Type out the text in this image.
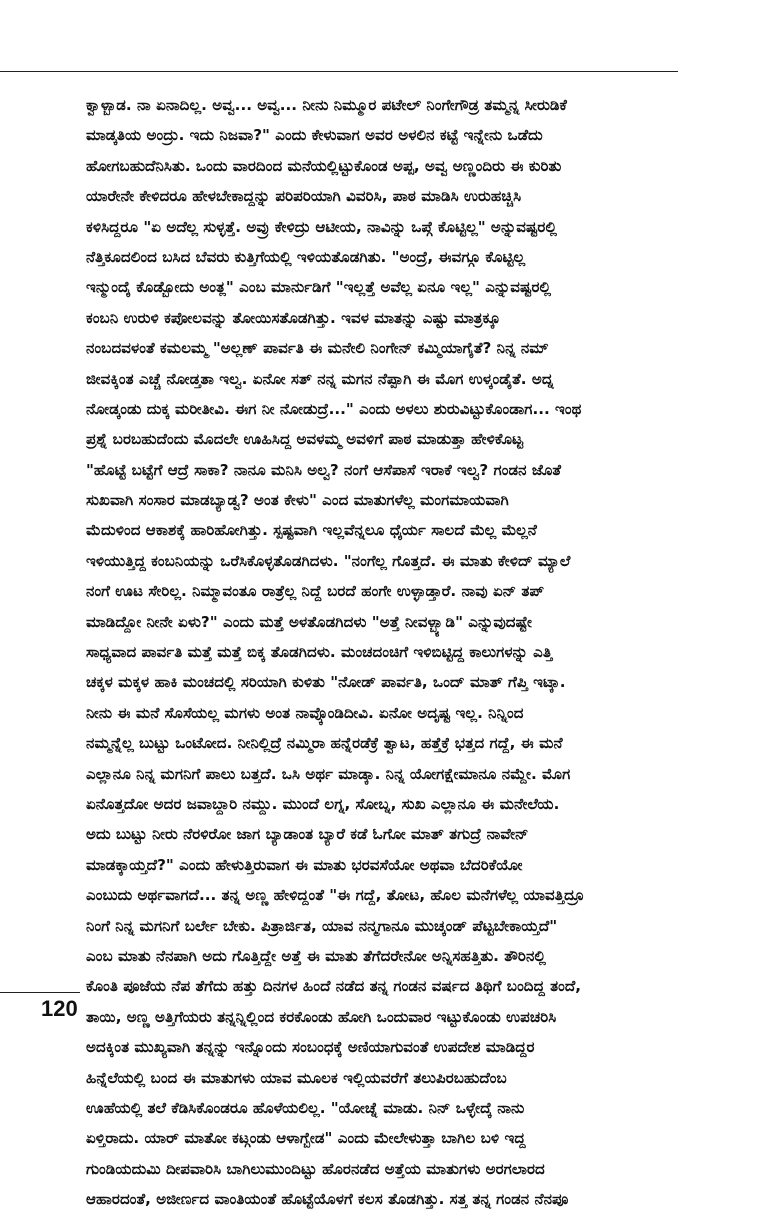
ಕ್ವಾಳ್ಬಾಡ. ನಾ ಏನಾದಿಲ್ಲ. ಅವ್ವ... ಅವ್ವ... ನೀನು ನಿಮ್ಮೂರ ಪಟೇಲ್ ನಿಂಗೇಗೌಡ್ರ ತಮ್ಮನ್ನ ಸೀರುಡಿಕೆ
ಮಾಡ್ಕತಿಯ ಅಂದ್ರು. ಇದು ನಿಜವಾ?" ಎಂದು ಕೇಳುವಾಗ ಅವರ ಅಳಲಿನ ಕಟ್ಟೆ ಇನ್ನೇನು ಒಡೆದು
ಹೋಗಬಹುದೆನಿಸಿತು. ಒಂದು ವಾರದಿಂದ ಮನೆಯಲ್ಲಿಟ್ಟುಕೊಂಡ ಅಪ್ಪ, ಅವ್ವ ಅಣ್ಣಂದಿರು ಈ ಕುರಿತು
ಯಾರೇನೇ ಕೇಳಿದರೂ ಹೇಳಬೇಕಾದ್ದನ್ನು ಪರಿಪರಿಯಾಗಿ ವಿವರಿಸಿ, ಪಾಠ ಮಾಡಿಸಿ ಉರುಹಚ್ಚಿಸಿ
ಕಳಿಸಿದ್ದರೂ "ಏ ಅದೆಲ್ಲ ಸುಳ್ಳತ್ತೆ. ಅವ್ರು ಕೇಳಿದ್ರು ಆಟೀಯ, ನಾವಿನ್ನು ಒಪ್ಗೆ ಕೊಟ್ಟಿಲ್ಲ" ಅನ್ನುವಷ್ಟರಲ್ಲಿ
ನೆತ್ತಿಕೂದಲಿಂದ ಬಸಿದ ಬೆವರು ಕುತ್ತಿಗೆಯಲ್ಲಿ ಇಳಿಯತೊಡಗಿತು. "ಅಂದ್ರೆ, ಈವಗ್ಗೂ ಕೊಟ್ಟಿಲ್ಲ
ಇನ್ಮುಂದೈ ಕೊಡ್ಬೋದು ಅಂತ್ಲ" ಎಂಬ ಮಾರ್ನುಡಿಗೆ "ಇಲ್ಲತ್ತೆ ಅವೆಲ್ಲ ಏನೂ ಇಲ್ಲ" ಎನ್ನುವಷ್ಟರಲ್ಲಿ
ಕಂಬನಿ ಉರುಳಿ ಕಪೋಲವನ್ನು ತೋಯಿಸತೊಡಗಿತ್ತು. ಇವಳ ಮಾತನ್ನು ಎಷ್ಟು ಮಾತ್ರಕ್ಕೂ
ನಂಬದವಳಂತೆ ಕಮಲಮ್ಮ "ಅಲ್ಲಣ್ ಪಾರ್ವತಿ ಈ ಮನೇಲಿ ನಿಂಗೇನ್ ಕಮ್ಮಿಯಾಗೈತೆ? ನಿನ್ನ ನಮ್
ಜೀವಕ್ಕಿಂತ ಎಚ್ಚೆ ನೋಡ್ತತಾ ಇಲ್ವ. ಏನೋ ಸತ್ ನನ್ನ ಮಗನ ನೆಪ್ಪಾಗಿ ಈ ಮೊಗ ಉಳ್ಕಂಡೈತೆ. ಅದ್ನ
ನೋಡ್ಕಂಡು ದುಕ್ಕ ಮರೀತೀವಿ. ಈಗ ನೀ ನೋಡುದ್ರೆ..." ಎಂದು ಅಳಲು ಶುರುವಿಟ್ಟುಕೊಂಡಾಗ... ಇಂಥ
ಪ್ರಶ್ನೆ ಬರಬಹುದೆಂದು ಮೊದಲೇ ಊಹಿಸಿದ್ದ ಅವಳಮ್ಮ ಅವಳಿಗೆ ಪಾಠ ಮಾಡುತ್ತಾ ಹೇಳಿಕೊಟ್ಟ
"ಹೊಟ್ಟೆ ಬಟ್ಟೆಗೆ ಆದ್ರೆ ಸಾಕಾ? ನಾನೂ ಮನಿಸಿ ಅಲ್ವ? ನಂಗೆ ಆಸೆಪಾಸೆ ಇರಾಕೆ ಇಲ್ವ? ಗಂಡನ ಜೊತೆ
ಸುಖವಾಗಿ ಸಂಸಾರ ಮಾಡಬ್ಯಾಡ್ವ? ಅಂತ ಕೇಳು" ಎಂದ ಮಾತುಗಳೆಲ್ಲ ಮಂಗಮಾಯವಾಗಿ
ಮೆದುಳಿಂದ ಆಕಾಶಕ್ಕೆ ಹಾರಿಹೋಗಿತ್ತು. ಸ್ಪಷ್ಟವಾಗಿ ಇಲ್ಲವೆನ್ನಲೂ ಧೈರ್ಯ ಸಾಲದೆ ಮೆಲ್ಲ ಮೆಲ್ಲನೆ
ಇಳಿಯುತ್ತಿದ್ದ ಕಂಬನಿಯನ್ನು ಒರೆಸಿಕೊಳ್ಳತೊಡಗಿದಳು. "ನಂಗೆಲ್ಲ ಗೊತ್ತದೆ. ಈ ಮಾತು ಕೇಳಿದ್ ಮ್ಯಾಲೆ
ನಂಗೆ ಊಟ ಸೇರಿಲ್ಲ. ನಿಮ್ಮಾವಂತೂ ರಾತ್ರೆಲ್ಲ ನಿದ್ದೆ ಬರದೆ ಹಂಗೇ ಉಳ್ಳಾಡ್ತಾರೆ. ನಾವು ಏನ್ ತಪ್
ಮಾಡಿದ್ದೋ ನೀನೇ ಏಳು?" ಎಂದು ಮತ್ತೆ ಅಳತೊಡಗಿದಳು "ಅತ್ತೆ ನೀವಳ್ಬ್ಯಾಡಿ" ಎನ್ನುವುದಷ್ಟೇ
ಸಾಧ್ಯವಾದ ಪಾರ್ವತಿ ಮತ್ತೆ ಮತ್ತೆ ಬಿಕ್ಕ ತೊಡಗಿದಳು. ಮಂಚದಂಚಿಗೆ ಇಳಿಬಿಟ್ಟಿದ್ದ ಕಾಲುಗಳನ್ನು ಎತ್ತಿ
ಚಕ್ಕಳ ಮಕ್ಕಳ ಹಾಕಿ ಮಂಚದಲ್ಲಿ ಸರಿಯಾಗಿ ಕುಳಿತು "ನೋಡ್ ಪಾರ್ವತಿ, ಒಂದ್ ಮಾತ್ ಗೆಪ್ತಿ ಇಟ್ಕಾ.
ನೀನು ಈ ಮನೆ ಸೊಸೆಯಲ್ಲ ಮಗಳು ಅಂತ ನಾವ್ಕೊಂಡಿದೀವಿ. ಏನೋ ಅದೃಷ್ಟ ಇಲ್ಲ. ನಿನ್ನಿಂದ
ನಮ್ಮನ್ನೆಲ್ಲ ಬುಟ್ಟು ಒಂಟೋದ. ನೀನಿಲ್ಲಿದ್ರೆ ನಮ್ಮಿರಾ ಹನ್ನೆರಡೆಕ್ರೆ ತ್ವಾಟ, ಹತ್ತೆಕ್ರೆ ಭತ್ತದ ಗದ್ದೆ, ಈ ಮನೆ
ಎಲ್ಲಾನೂ ನಿನ್ನ ಮಗನಿಗೆ ಪಾಲು ಬತ್ತದೆ. ಒಸಿ ಅರ್ಥ ಮಾಡ್ಕಾ. ನಿನ್ನ ಯೋಗಕ್ಷೇಮಾನೂ ನಮ್ದೇ. ಮೊಗ
ಏನೊತ್ತದೋ ಅದರ ಜವಾಬ್ದಾರಿ ನಮ್ದು. ಮುಂದೆ ಲಗ್ನ, ಸೋಬ್ನ, ಸುಖ ಎಲ್ಲಾನೂ ಈ ಮನೇಲೆಯ.
ಅದು ಬುಟ್ಟು ನೀರು ನೆರಳಿರೋ ಜಾಗ ಬ್ಯಾಡಾಂತ ಬ್ಯಾರೆ ಕಡೆ ಓಗೋ ಮಾತ್ ತಗುದ್ರೆ ನಾವೇನ್
ಮಾಡಕ್ಕಾಯ್ತದೆ?" ಎಂದು ಹೇಳುತ್ತಿರುವಾಗ ಈ ಮಾತು ಭರವಸೆಯೋ ಅಥವಾ ಬೆದರಿಕೆಯೋ
ಎಂಬುದು ಅರ್ಥವಾಗದೆ... ತನ್ನ ಅಣ್ಣ ಹೇಳಿದ್ದಂತೆ "ಈ ಗದ್ದೆ, ತೋಟ, ಹೊಲ ಮನೆಗಳೆಲ್ಲ ಯಾವತ್ತಿದ್ರೂ
ನಿಂಗೆ ನಿನ್ನ ಮಗನಿಗೆ ಬರ್ಲೇ ಬೇಕು. ಪಿತ್ರಾರ್ಜಿತ, ಯಾವ ನನ್ಮಗಾನೂ ಮುಚ್ಕಂಡ್ ಪೆಟ್ಟಬೇಕಾಯ್ತದೆ"
ಎಂಬ ಮಾತು ನೆನಪಾಗಿ ಅದು ಗೊತ್ತಿದ್ದೇ ಅತ್ತೆ ಈ ಮಾತು ತೆಗೆದರೇನೋ ಅನ್ನಿಸಹತ್ತಿತು. ತೌರಿನಲ್ಲಿ
ಕೊಂತಿ ಪೂಜೆಯ ನೆಪ ತೆಗೆದು ಹತ್ತು ದಿನಗಳ ಹಿಂದೆ ನಡೆದ ತನ್ನ ಗಂಡನ ವರ್ಷದ ತಿಥಿಗೆ ಬಂದಿದ್ದ ತಂದೆ,
ತಾಯಿ, ಅಣ್ಣ ಅತ್ತಿಗೆಯರು ತನ್ನನ್ನಿಲ್ಲಿಂದ ಕರಕೊಂಡು ಹೋಗಿ ಒಂದುವಾರ ಇಟ್ಟುಕೊಂಡು ಉಪಚರಿಸಿ
ಅದಕ್ಕಿಂತ ಮುಖ್ಯವಾಗಿ ತನ್ನನ್ನು ಇನ್ನೊಂದು ಸಂಬಂಧಕ್ಕೆ ಅಣಿಯಾಗುವಂತೆ ಉಪದೇಶ ಮಾಡಿದ್ದರ
ಹಿನ್ನೆಲೆಯಲ್ಲಿ ಬಂದ ಈ ಮಾತುಗಳು ಯಾವ ಮೂಲಕ ಇಲ್ಲಿಯವರೆಗೆ ತಲುಪಿರಬಹುದೆಂಬ
ಊಹೆಯಲ್ಲಿ ತಲೆ ಕೆಡಿಸಿಕೊಂಡರೂ ಹೊಳೆಯಲಿಲ್ಲ. "ಯೋಚ್ನೆ ಮಾಡು. ನಿನ್ ಒಳ್ಳೇದ್ಕೆ ನಾನು
ಏಳ್ತಿರಾದು. ಯಾರ್ ಮಾತೋ ಕಟ್ಗಂಡು ಆಳಾಗ್ಬೇಡ" ಎಂದು ಮೇಲೇಳುತ್ತಾ ಬಾಗಿಲ ಬಳಿ ಇದ್ದ
ಗುಂಡಿಯದುಮಿ ದೀಪವಾರಿಸಿ ಬಾಗಿಲುಮುಂದಿಟ್ಟು ಹೊರನಡೆದ ಅತ್ತೆಯ ಮಾತುಗಳು ಅರಗಲಾರದ
ಆಹಾರದಂತೆ, ಅಜೀರ್ಣದ ವಾಂತಿಯಂತೆ ಹೊಟ್ಟೆಯೊಳಗೆ ಕಲಸ ತೊಡಗಿತ್ತು. ಸತ್ತ ತನ್ನ ಗಂಡನ ನೆನಪೂ
120
